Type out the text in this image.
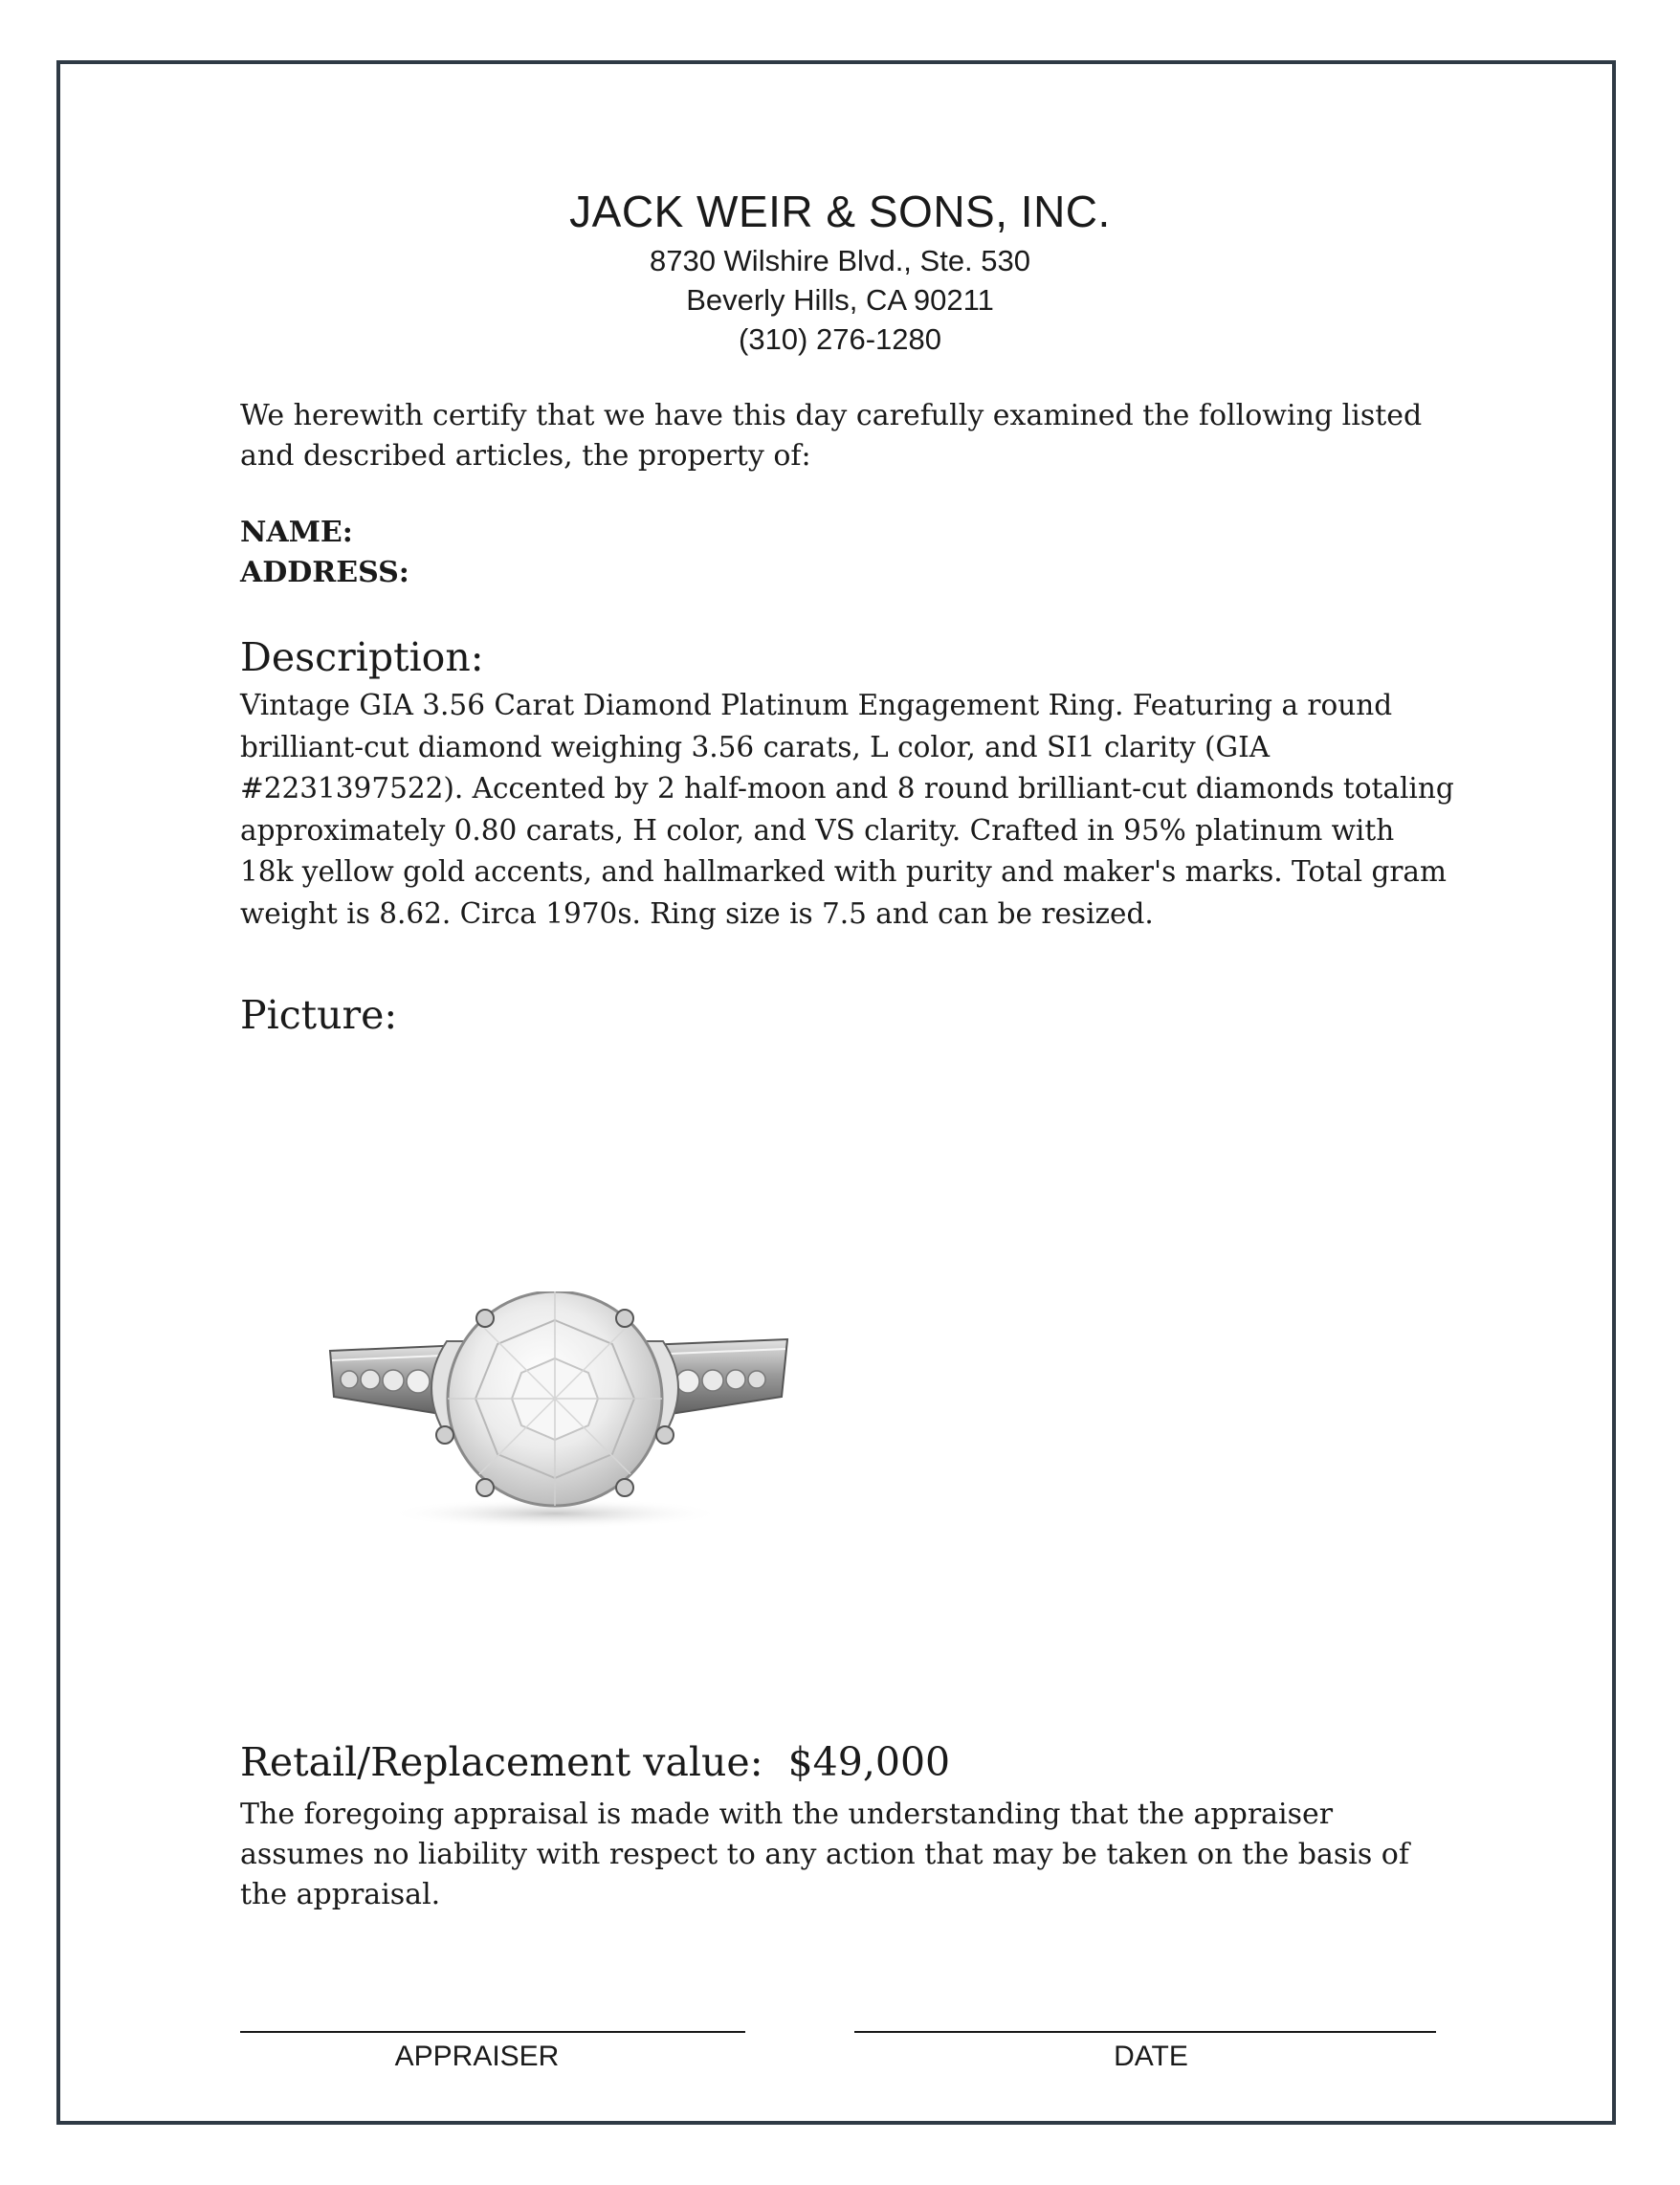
JACK WEIR & SONS, INC.
8730 Wilshire Blvd., Ste. 530
Beverly Hills, CA 90211
(310) 276-1280
We herewith certify that we have this day carefully examined the following listed and described articles, the property of:
NAME:
ADDRESS:
Description:
Vintage GIA 3.56 Carat Diamond Platinum Engagement Ring. Featuring a round brilliant-cut diamond weighing 3.56 carats, L color, and SI1 clarity (GIA #2231397522). Accented by 2 half-moon and 8 round brilliant-cut diamonds totaling approximately 0.80 carats, H color, and VS clarity. Crafted in 95% platinum with 18k yellow gold accents, and hallmarked with purity and maker's marks. Total gram weight is 8.62. Circa 1970s. Ring size is 7.5 and can be resized.
Picture:
Retail/Replacement value: $49,000
The foregoing appraisal is made with the understanding that the appraiser assumes no liability with respect to any action that may be taken on the basis of the appraisal.
APPRAISER	DATE
